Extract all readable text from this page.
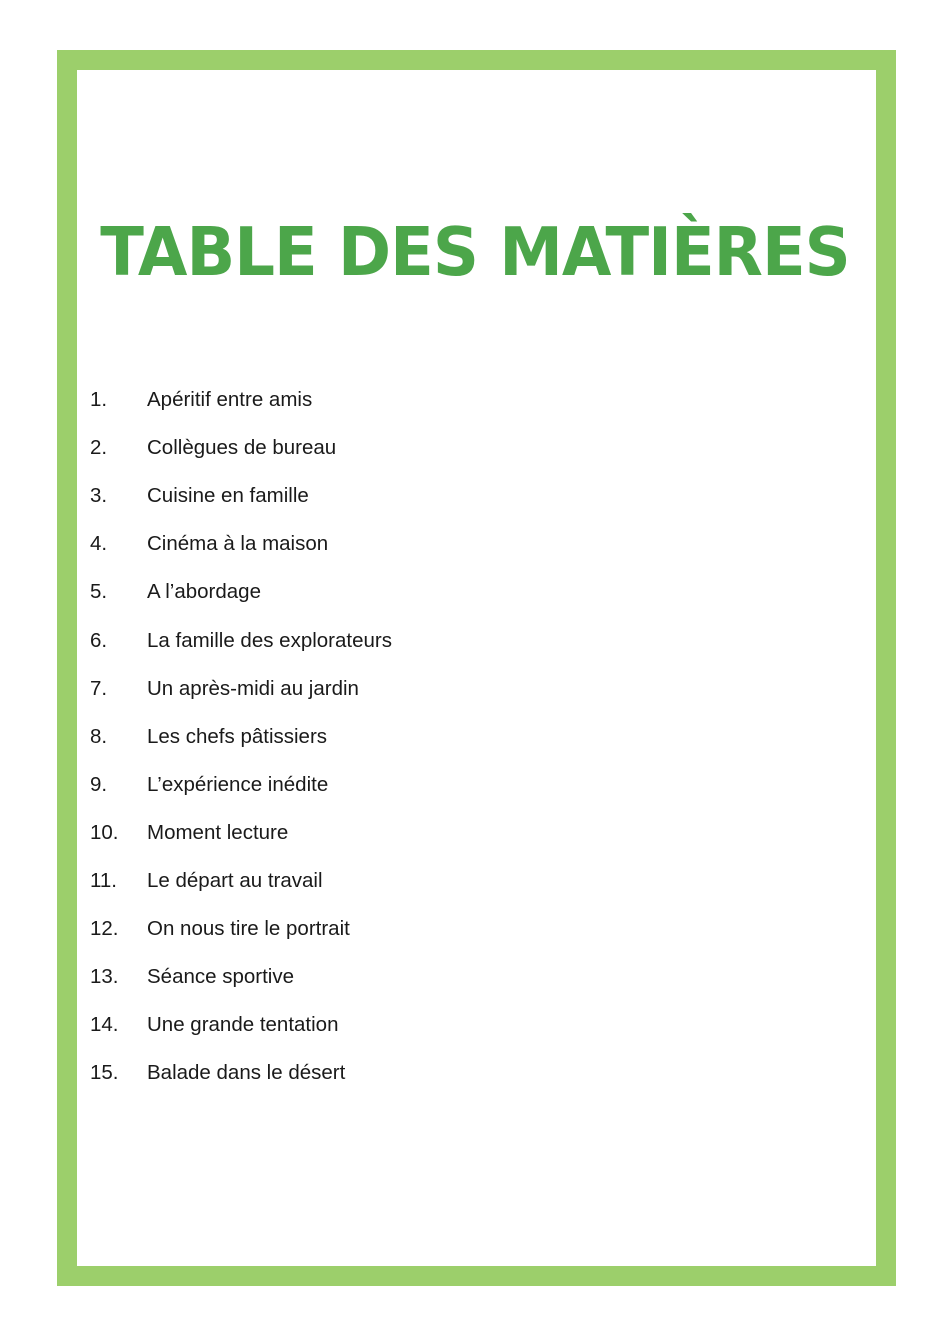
TABLE DES MATIÈRES
1.	Apéritif entre amis
2.	Collègues de bureau
3.	Cuisine en famille
4.	Cinéma à la maison
5.	A l’abordage
6.	La famille des explorateurs
7.	Un après-midi au jardin
8.	Les chefs pâtissiers
9.	L’expérience inédite
10.	Moment lecture
11.	Le départ au travail
12.	On nous tire le portrait
13.	Séance sportive
14.	Une grande tentation
15.	Balade dans le désert
